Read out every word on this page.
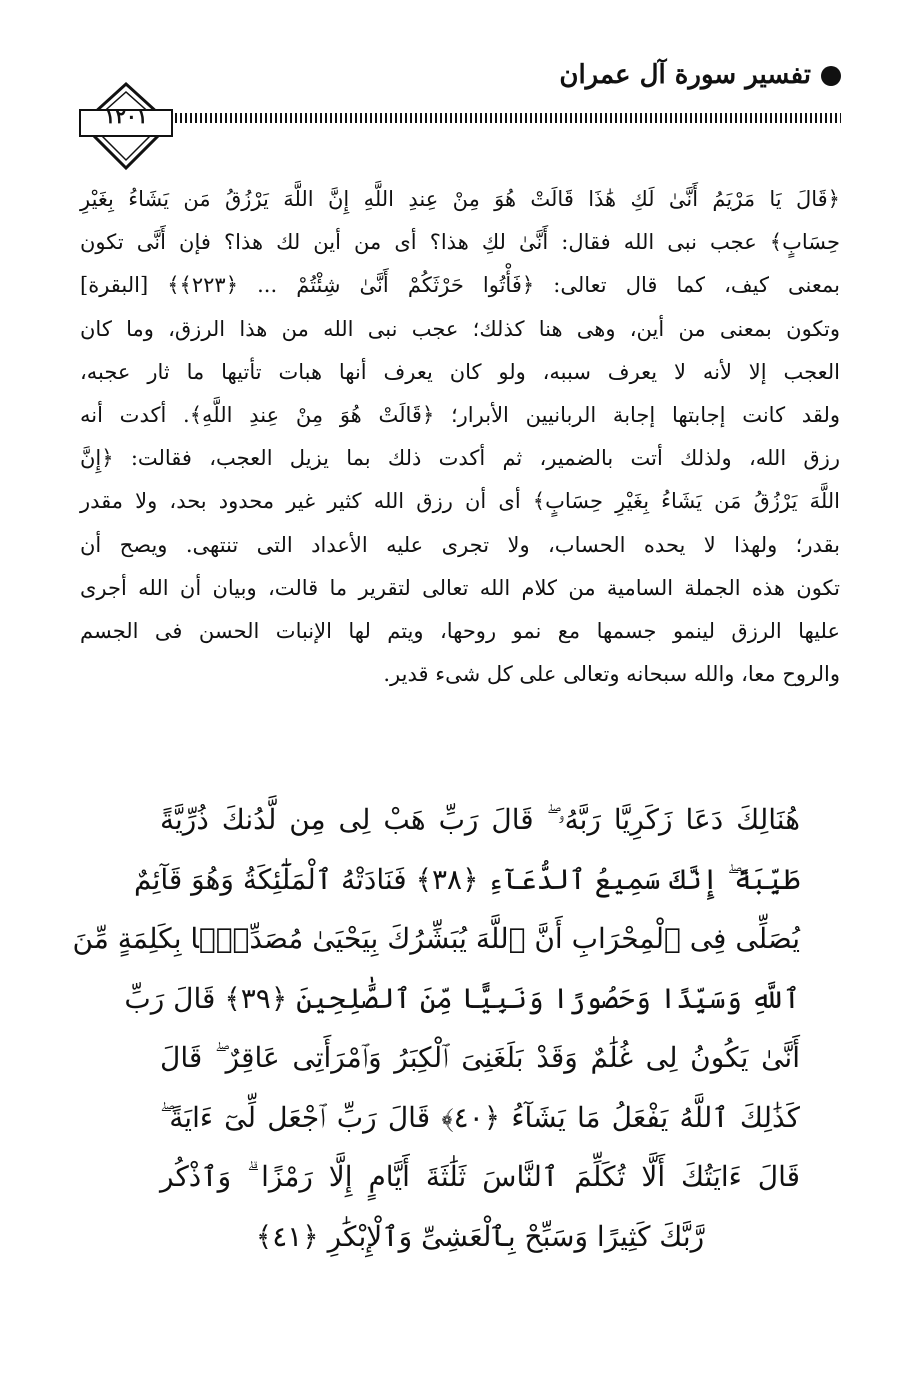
تفسير سورة آل عمران
١٢٠١
﴿قَالَ يَا مَرْيَمُ أَنَّىٰ لَكِ هَٰذَا قَالَتْ هُوَ مِنْ عِندِ اللَّهِ إِنَّ اللَّهَ يَرْزُقُ مَن يَشَاءُ بِغَيْرِ
حِسَابٍ﴾ عجب نبى الله فقال: أَنَّىٰ لكِ هذا؟ أى من أين لك هذا؟ فإن أَنَّى تكون
بمعنى كيف، كما قال تعالى: ﴿فَأْتُوا حَرْثَكُمْ أَنَّىٰ شِئْتُمْ ... ﴿٢٢٣﴾﴾ [البقرة]
وتكون بمعنى من أين، وهى هنا كذلك؛ عجب نبى الله من هذا الرزق، وما كان
العجب إلا لأنه لا يعرف سببه، ولو كان يعرف أنها هبات تأتيها ما ثار عجبه،
ولقد كانت إجابتها إجابة الربانيين الأبرار؛ ﴿قَالَتْ هُوَ مِنْ عِندِ اللَّهِ﴾. أكدت أنه
رزق الله، ولذلك أتت بالضمير، ثم أكدت ذلك بما يزيل العجب، فقالت: ﴿إِنَّ
اللَّهَ يَرْزُقُ مَن يَشَاءُ بِغَيْرِ حِسَابٍ﴾ أى أن رزق الله كثير غير محدود بحد، ولا مقدر
بقدر؛ ولهذا لا يحده الحساب، ولا تجرى عليه الأعداد التى تنتهى. ويصح أن
تكون هذه الجملة السامية من كلام الله تعالى لتقرير ما قالت، وبيان أن الله أجرى
عليها الرزق لينمو جسمها مع نمو روحها، ويتم لها الإنبات الحسن فى الجسم
والروح معا، والله سبحانه وتعالى على كل شىء قدير.
هُنَالِكَ دَعَا زَكَرِيَّا رَبَّهُۥ ۖ قَالَ رَبِّ هَبْ لِى مِن لَّدُنكَ ذُرِّيَّةً
طَيِّبَةً ۖ إِنَّكَ سَمِيعُ ٱلدُّعَآءِ ﴿٣٨﴾ فَنَادَتْهُ ٱلْمَلَٰٓئِكَةُ وَهُوَ قَآئِمٌ
يُصَلِّى فِى ٱلْمِحْرَابِ أَنَّ ٱللَّهَ يُبَشِّرُكَ بِيَحْيَىٰ مُصَدِّقًۢا بِكَلِمَةٍ مِّنَ
ٱللَّهِ وَسَيِّدًا وَحَصُورًا وَنَبِيًّا مِّنَ ٱلصَّٰلِحِينَ ﴿٣٩﴾ قَالَ رَبِّ
أَنَّىٰ يَكُونُ لِى غُلَٰمٌ وَقَدْ بَلَغَنِىَ ٱلْكِبَرُ وَٱمْرَأَتِى عَاقِرٌ ۖ قَالَ
كَذَٰلِكَ ٱللَّهُ يَفْعَلُ مَا يَشَآءُ ﴿٤٠﴾ قَالَ رَبِّ ٱجْعَل لِّىٓ ءَايَةً ۖ
قَالَ ءَايَتُكَ أَلَّا تُكَلِّمَ ٱلنَّاسَ ثَلَٰثَةَ أَيَّامٍ إِلَّا رَمْزًا ۗ وَٱذْكُر
رَّبَّكَ كَثِيرًا وَسَبِّحْ بِٱلْعَشِىِّ وَٱلْإِبْكَٰرِ ﴿٤١﴾
